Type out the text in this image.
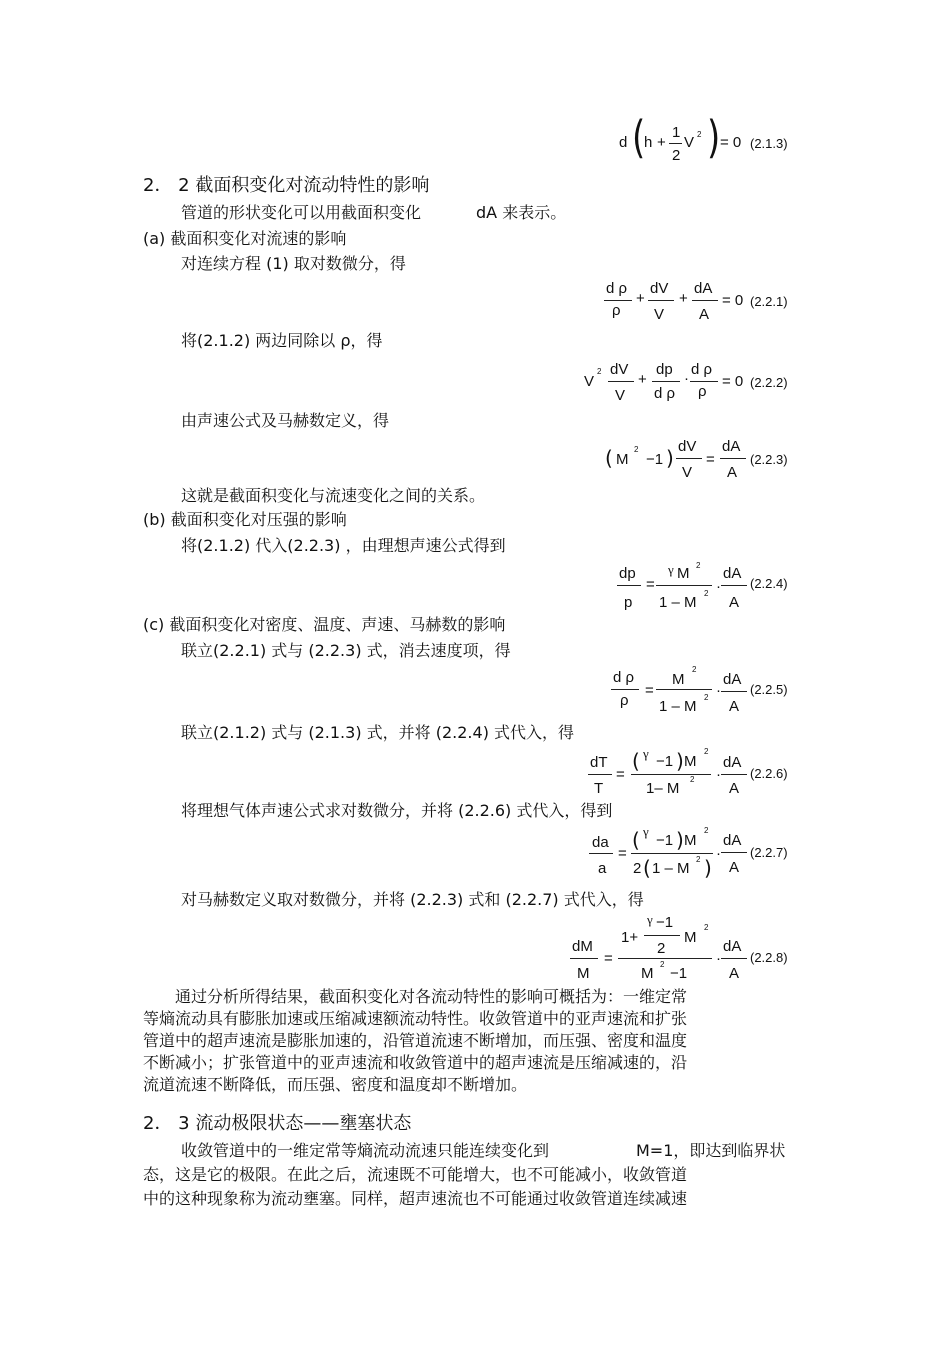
d (
h +
1
2
V 2 ) = 0 (2.1.3)
2． 2 截面积变化对流动特性的影响
管道的形状变化可以用截面积变化	dA 来表示。
(a) 截面积变化对流速的影响
对连续方程 (1) 取对数微分，得
d ρ
ρ
+
dV
V
+
dA
A
= 0 (2.2.1)
将(2.1.2) 两边同除以 ρ，得
V
2 dV
V
+
dp
d ρ
·
d ρ
ρ
= 0 (2.2.2)
由声速公式及马赫数定义，得
( M
2
−1 ) dV
V
=
dA
A
(2.2.3)
这就是截面积变化与流速变化之间的关系。
(b) 截面积变化对压强的影响
将(2.1.2) 代入(2.2.3) ，由理想声速公式得到
dp
p
=
γ M 2
1 – M
2 ·
dA
A
(2.2.4)
(c) 截面积变化对密度、温度、声速、马赫数的影响
联立(2.2.1) 式与 (2.2.3) 式，消去速度项，得
d ρ
ρ
=
M
2
1 – M
2 ·
dA
A
(2.2.5)
联立(2.1.2) 式与 (2.1.3) 式，并将 (2.2.4) 式代入，得
dT
T
=
( γ −1 ) M
2
1– M
2 ·
dA
A
(2.2.6)
将理想气体声速公式求对数微分，并将 (2.2.6) 式代入，得到
da
a
=
( γ
−1 ) M
2
2 ( 1 – M
2 )
·
dA
A
(2.2.7)
对马赫数定义取对数微分，并将 (2.2.3) 式和 (2.2.7) 式代入，得
dM
M
=
1+
γ −1
2
M
2
M
2
−1
·
dA
A
(2.2.8)
　　通过分析所得结果，截面积变化对各流动特性的影响可概括为：一维定常
等熵流动具有膨胀加速或压缩减速额流动特性。收敛管道中的亚声速流和扩张
管道中的超声速流是膨胀加速的，沿管道流速不断增加，而压强、密度和温度
不断减小；扩张管道中的亚声速流和收敛管道中的超声速流是压缩减速的，沿
流道流速不断降低，而压强、密度和温度却不断增加。
2． 3 流动极限状态——壅塞状态
收敛管道中的一维定常等熵流动流速只能连续变化到	M=1，即达到临界状
态，这是它的极限。在此之后，流速既不可能增大，也不可能减小，收敛管道
中的这种现象称为流动壅塞。同样，超声速流也不可能通过收敛管道连续减速
